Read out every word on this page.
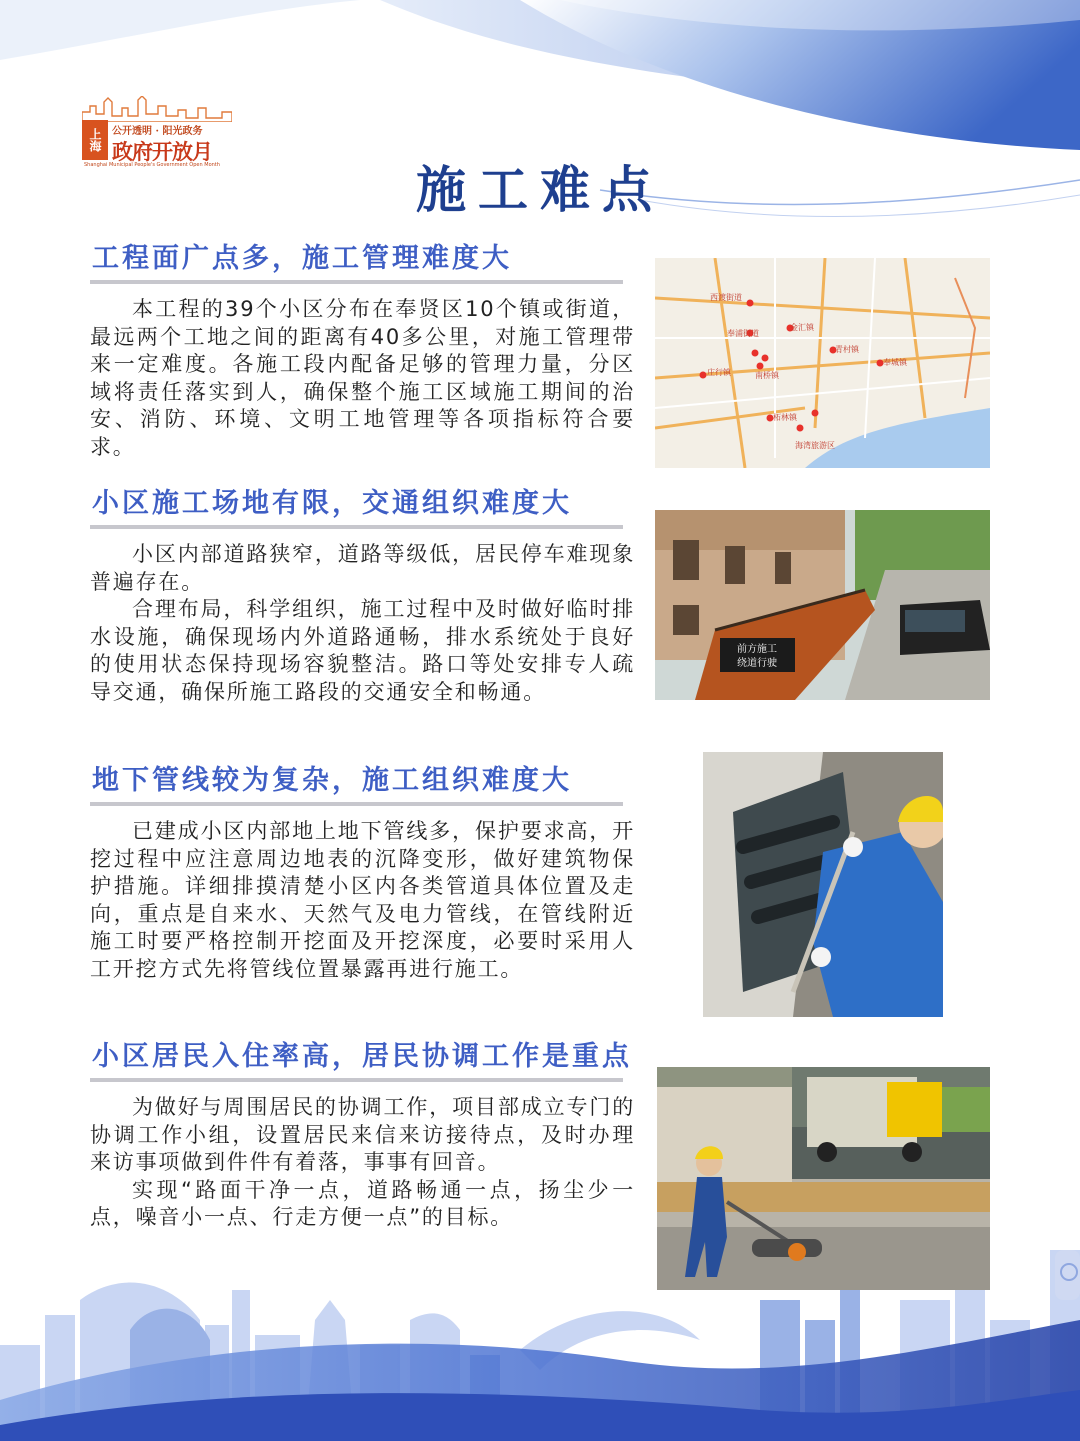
上海	公开透明 · 阳光政务
政府开放月
Shanghai Municipal People's Government Open Month	施工难点
工程面广点多，施工管理难度大

本工程的39个小区分布在奉贤区10个镇或街道，最远两个工地之间的距离有40多公里，对施工管理带来一定难度。各施工段内配备足够的管理力量，分区域将责任落实到人，确保整个施工区域施工期间的治安、消防、环境、文明工地管理等各项指标符合要求。

小区施工场地有限，交通组织难度大

小区内部道路狭窄，道路等级低，居民停车难现象普遍存在。

合理布局，科学组织，施工过程中及时做好临时排水设施，确保现场内外道路通畅，排水系统处于良好的使用状态保持现场容貌整洁。路口等处安排专人疏导交通，确保所施工路段的交通安全和畅通。

地下管线较为复杂，施工组织难度大

已建成小区内部地上地下管线多，保护要求高，开挖过程中应注意周边地表的沉降变形，做好建筑物保护措施。详细排摸清楚小区内各类管道具体位置及走向，重点是自来水、天然气及电力管线，在管线附近施工时要严格控制开挖面及开挖深度，必要时采用人工开挖方式先将管线位置暴露再进行施工。

小区居民入住率高，居民协调工作是重点

为做好与周围居民的协调工作，项目部成立专门的协调工作小组，设置居民来信来访接待点，及时办理来访事项做到件件有着落，事事有回音。

实现“路面干净一点，道路畅通一点，扬尘少一点，噪音小一点、行走方便一点”的目标。

西渡街道
奉浦街道
金汇镇
庄行镇	南桥镇
青村镇
奉城镇
柘林镇
海湾旅游区
前方施工
绕道行驶
